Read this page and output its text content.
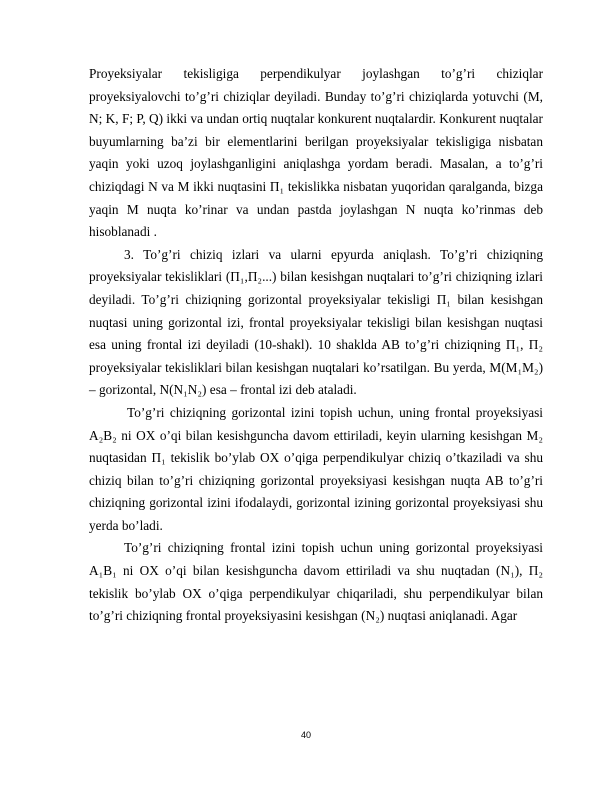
Proyeksiyalar tekisligiga perpendikulyar joylashgan to’g’ri chiziqlar proyeksiyalovchi to’g’ri chiziqlar deyiladi. Bunday to’g’ri chiziqlarda yotuvchi (M, N; K, F; P, Q) ikki va undan ortiq nuqtalar konkurent nuqtalardir. Konkurent nuqtalar buyumlarning ba’zi bir elementlarini berilgan proyeksiyalar tekisligiga nisbatan yaqin yoki uzoq joylashganligini aniqlashga yordam beradi. Masalan, a to’g’ri chiziqdagi N va M ikki nuqtasini П₁ tekislikka nisbatan yuqoridan qaralganda, bizga yaqin M nuqta ko’rinar va undan pastda joylashgan N nuqta ko’rinmas deb hisoblanadi .

3. To’g’ri chiziq izlari va ularni epyurda aniqlash. To’g’ri chiziqning proyeksiyalar tekisliklari (П₁,П₂...) bilan kesishgan nuqtalari to’g’ri chiziqning izlari deyiladi. To’g’ri chiziqning gorizontal proyeksiyalar tekisligi П₁ bilan kesishgan nuqtasi uning gorizontal izi, frontal proyeksiyalar tekisligi bilan kesishgan nuqtasi esa uning frontal izi deyiladi (10-shakl). 10 shaklda AB to’g’ri chiziqning П₁, П₂ proyeksiyalar tekisliklari bilan kesishgan nuqtalari ko’rsatilgan. Bu yerda, M(M₁M₂) – gorizontal, N(N₁N₂) esa – frontal izi deb ataladi.

To’g’ri chiziqning gorizontal izini topish uchun, uning frontal proyeksiyasi A₂B₂ ni OX o’qi bilan kesishguncha davom ettiriladi, keyin ularning kesishgan M₂ nuqtasidan П₁ tekislik bo’ylab OX o’qiga perpendikulyar chiziq o’tkaziladi va shu chiziq bilan to’g’ri chiziqning gorizontal proyeksiyasi kesishgan nuqta AB to’g’ri chiziqning gorizontal izini ifodalaydi, gorizontal izining gorizontal proyeksiyasi shu yerda bo’ladi.

To’g’ri chiziqning frontal izini topish uchun uning gorizontal proyeksiyasi A₁B₁ ni OX o’qi bilan kesishguncha davom ettiriladi va shu nuqtadan (N₁), П₂ tekislik bo’ylab OX o’qiga perpendikulyar chiqariladi, shu perpendikulyar bilan to’g’ri chiziqning frontal proyeksiyasini kesishgan (N₂) nuqtasi aniqlanadi. Agar

40
